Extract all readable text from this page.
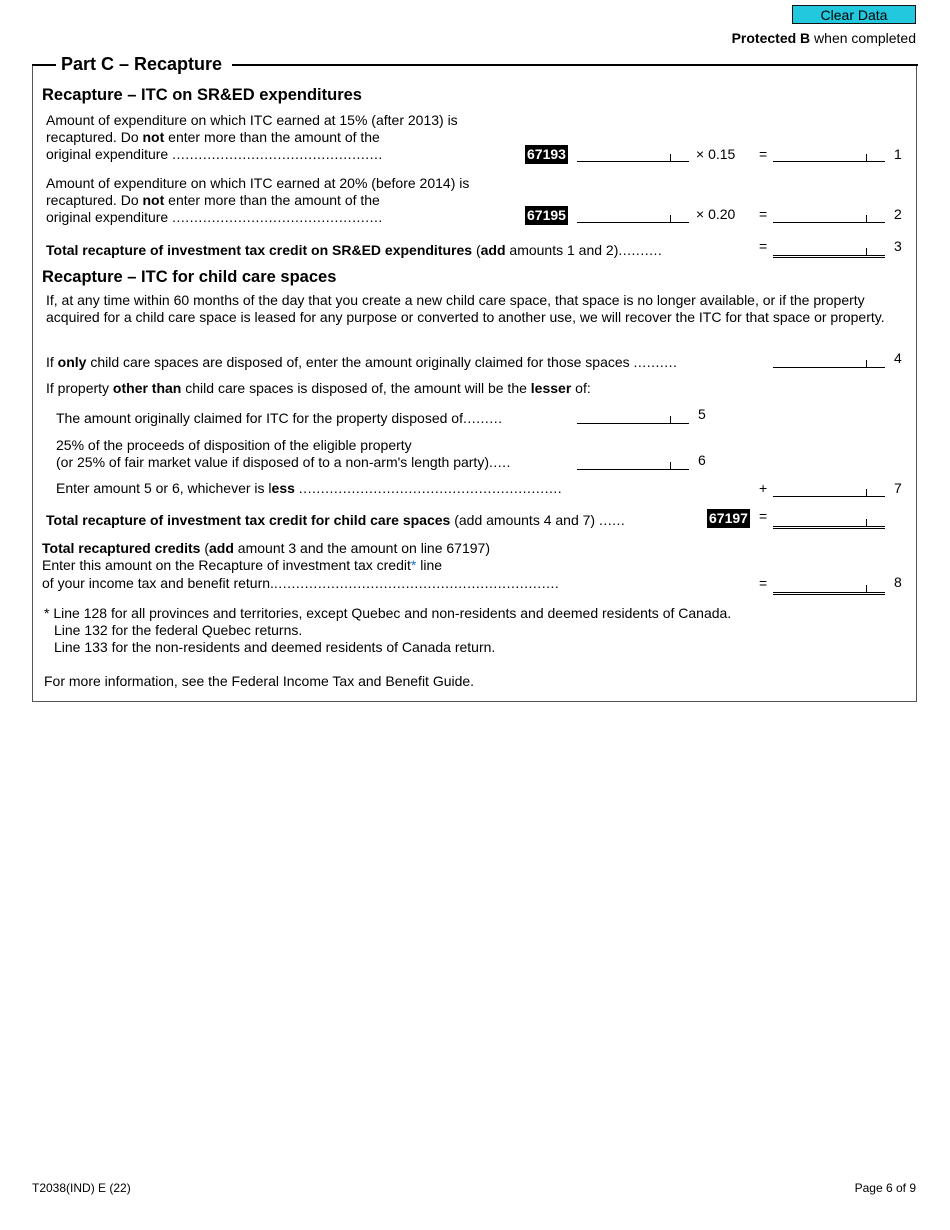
Clear Data
Protected B when completed
Part C – Recapture
Recapture – ITC on SR&ED expenditures
Amount of expenditure on which ITC earned at 15% (after 2013) is
recaptured. Do not enter more than the amount of the
original expenditure ................................................	67193	× 0.15 =	1
Amount of expenditure on which ITC earned at 20% (before 2014) is
recaptured. Do not enter more than the amount of the
original expenditure ................................................	67195	× 0.20 =	2
Total recapture of investment tax credit on SR&ED expenditures (add amounts 1 and 2)..........	=	3
Recapture – ITC for child care spaces
If, at any time within 60 months of the day that you create a new child care space, that space is no longer available, or if the property acquired for a child care space is leased for any purpose or converted to another use, we will recover the ITC for that space or property.
If only child care spaces are disposed of, enter the amount originally claimed for those spaces ..........	4
If property other than child care spaces is disposed of, the amount will be the lesser of:
The amount originally claimed for ITC for the property disposed of.........	5
25% of the proceeds of disposition of the eligible property
(or 25% of fair market value if disposed of to a non-arm's length party).....	6
Enter amount 5 or 6, whichever is less ............................................................	+	7
Total recapture of investment tax credit for child care spaces (add amounts 4 and 7) ......	67197 =
Total recaptured credits (add amount 3 and the amount on line 67197)
Enter this amount on the Recapture of investment tax credit* line
of your income tax and benefit return..................................................................	=	8
* Line 128 for all provinces and territories, except Quebec and non-residents and deemed residents of Canada.
Line 132 for the federal Quebec returns.
Line 133 for the non-residents and deemed residents of Canada return.
For more information, see the Federal Income Tax and Benefit Guide.
T2038(IND) E (22)	Page 6 of 9
